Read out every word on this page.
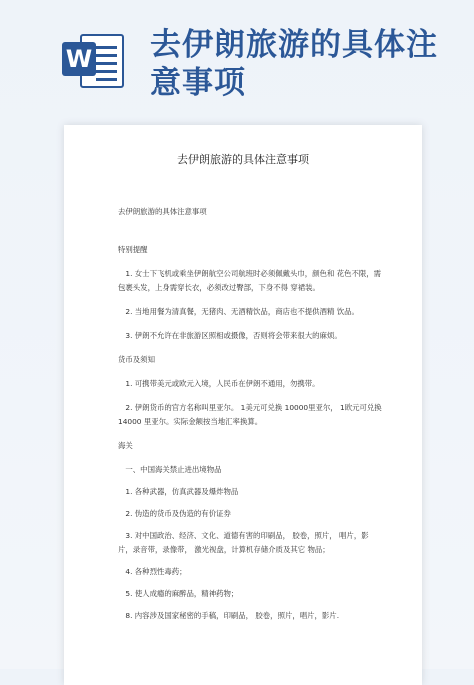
W 去伊朗旅游的具体注意事项
去伊朗旅游的具体注意事项

去伊朗旅游的具体注意事项

特别提醒

1. 女士下飞机或乘坐伊朗航空公司航班时必须佩戴头巾，颜色和 花色不限，需包裹头发，上身需穿长衣，必须改过臀部，下身不得 穿裙装。

2. 当地用餐为清真餐，无猪肉、无酒精饮品，商店也不提供酒精 饮品。

3. 伊朗不允许在非旅游区照相或摄像，否则将会带来很大的麻烦。

货币及须知

1. 可携带美元或欧元入境，人民币在伊朗不通用，勿携带。

2. 伊朗货币的官方名称叫里亚尔。 1美元可兑换 10000里亚尔， 1欧元可兑换 14000 里亚尔。实际金额按当地汇率换算。

海关

一、中国海关禁止进出境物品

1. 各种武器，仿真武器及爆炸物品

2. 伪造的货币及伪造的有价证券

3. 对中国政治、经济、文化、道德有害的印刷品， 胶卷，照片， 唱片，影片，录音带，录像带， 激光视盘，计算机存储介质及其它 物品；

4. 各种烈性毒药；

5. 使人成瘾的麻醉品，精神药物；

8. 内容涉及国家秘密的手稿，印刷品， 胶卷，照片，唱片，影片.
